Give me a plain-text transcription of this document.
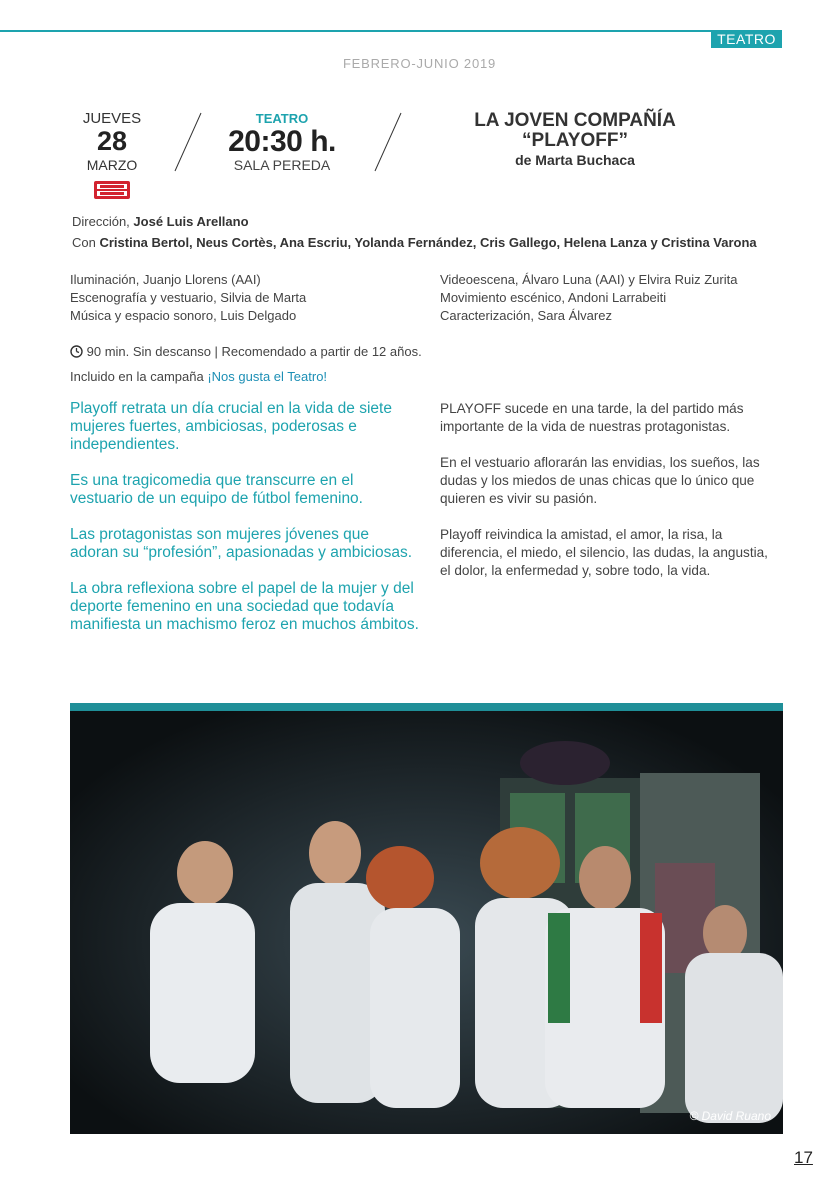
TEATRO
FEBRERO-JUNIO 2019
JUEVES
28
MARZO
TEATRO
20:30 h.
SALA PEREDA
LA JOVEN COMPAÑÍA
“PLAYOFF”
de Marta Buchaca
Dirección, José Luis Arellano
Con Cristina Bertol, Neus Cortès, Ana Escriu, Yolanda Fernández, Cris Gallego, Helena Lanza y Cristina Varona
Iluminación, Juanjo Llorens (AAI)
Escenografía y vestuario, Silvia de Marta
Música y espacio sonoro, Luis Delgado
Videoescena, Álvaro Luna (AAI) y Elvira Ruiz Zurita
Movimiento escénico, Andoni Larrabeiti
Caracterización, Sara Álvarez
90 min. Sin descanso | Recomendado a partir de 12 años.
Incluido en la campaña ¡Nos gusta el Teatro!

Playoff retrata un día crucial en la vida de siete mujeres fuertes, ambiciosas, poderosas e independientes.

Es una tragicomedia que transcurre en el vestuario de un equipo de fútbol femenino.

Las protagonistas son mujeres jóvenes que adoran su “profesión”, apasionadas y ambiciosas.

La obra reflexiona sobre el papel de la mujer y del deporte femenino en una sociedad que todavía manifiesta un machismo feroz en muchos ámbitos.

PLAYOFF sucede en una tarde, la del partido más importante de la vida de nuestras protagonistas.

En el vestuario aflorarán las envidias, los sueños, las dudas y los miedos de unas chicas que lo único que quieren es vivir su pasión.

Playoff reivindica la amistad, el amor, la risa, la diferencia, el miedo, el silencio, las dudas, la angustia, el dolor, la enfermedad y, sobre todo, la vida.

© David Ruano
17
